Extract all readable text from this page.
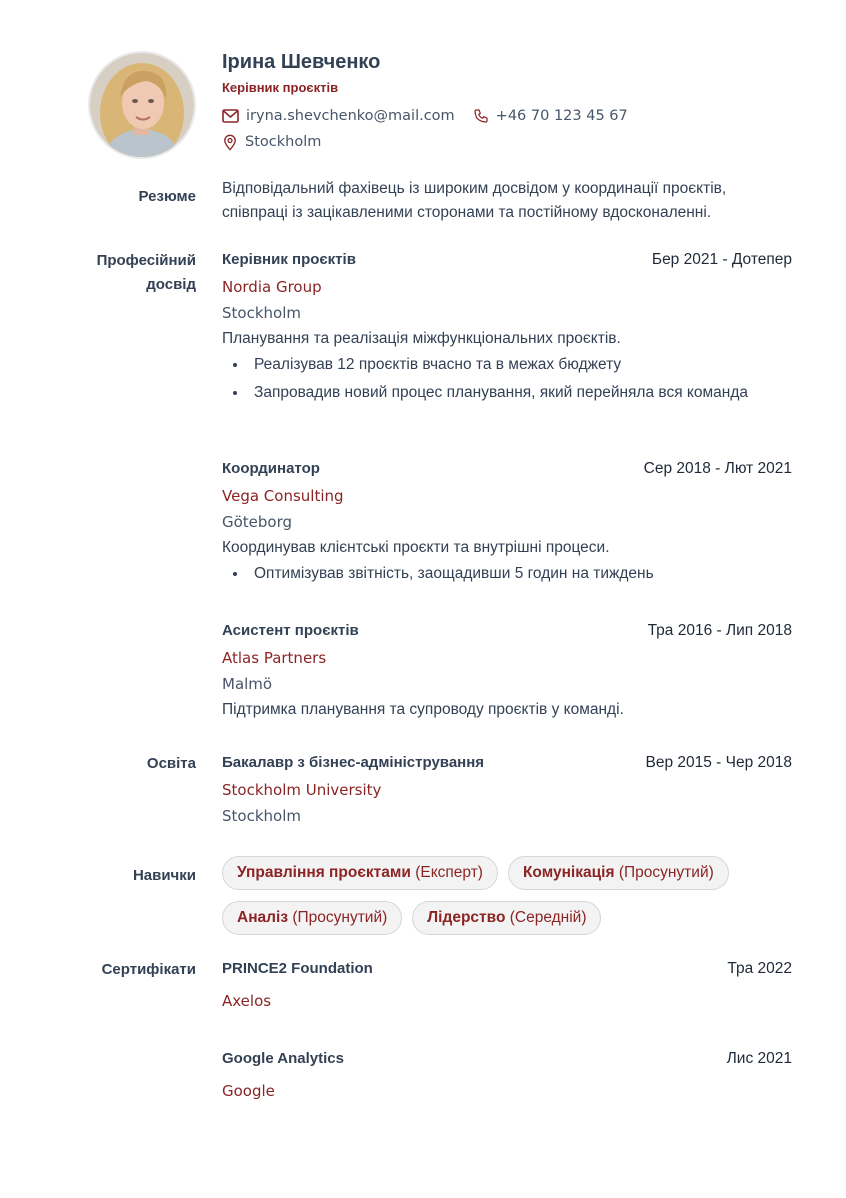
Ірина Шевченко
Керівник проєктів
iryna.shevchenko@mail.com	+46 70 123 45 67
Stockholm
Резюме Відповідальний фахівець із широким досвідом у координації проєктів, співпраці із зацікавленими сторонами та постійному вдосконаленні.
Професійний
досвід
Керівник проєктів	Бер 2021 - Дотепер
Nordia Group
Stockholm
Планування та реалізація міжфункціональних проєктів.
• Реалізував 12 проєктів вчасно та в межах бюджету
• Запровадив новий процес планування, який перейняла вся команда
Координатор	Сер 2018 - Лют 2021
Vega Consulting
Göteborg
Координував клієнтські проєкти та внутрішні процеси.
• Оптимізував звітність, заощадивши 5 годин на тиждень
Асистент проєктів	Тра 2016 - Лип 2018
Atlas Partners
Malmö
Підтримка планування та супроводу проєктів у команді.
Освіта Бакалавр з бізнес-адміністрування	Вер 2015 - Чер 2018
Stockholm University
Stockholm
Навички	Управління проєктами (Експерт)	Комунікація (Просунутий)
Аналіз (Просунутий)	Лідерство (Середній)
Сертифікати PRINCE2 Foundation	Тра 2022
Axelos
Google Analytics	Лис 2021
Google
